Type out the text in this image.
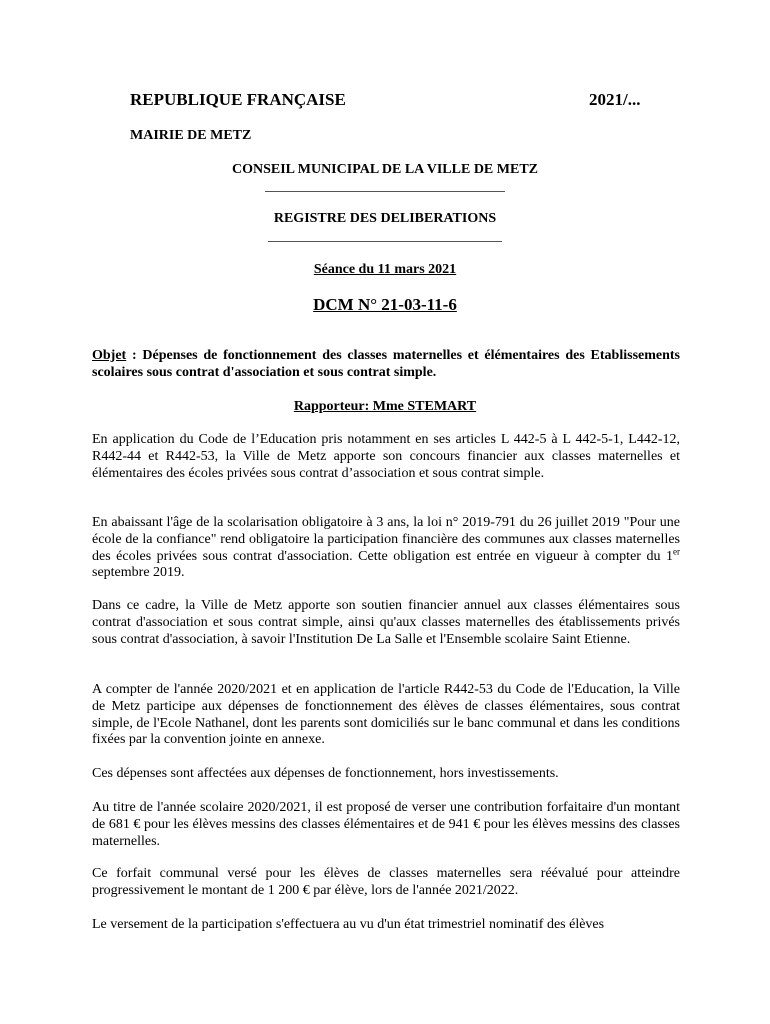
REPUBLIQUE FRANÇAISE	2021/...
MAIRIE DE METZ
CONSEIL MUNICIPAL DE LA VILLE DE METZ
REGISTRE DES DELIBERATIONS
Séance du 11 mars 2021
DCM N° 21-03-11-6
Objet : Dépenses de fonctionnement des classes maternelles et élémentaires des Etablissements scolaires sous contrat d'association et sous contrat simple.
Rapporteur: Mme STEMART
En application du Code de l’Education pris notamment en ses articles L 442-5 à L 442-5-1, L442-12, R442-44 et R442-53, la Ville de Metz apporte son concours financier aux classes maternelles et élémentaires des écoles privées sous contrat d’association et sous contrat simple.
En abaissant l'âge de la scolarisation obligatoire à 3 ans, la loi n° 2019-791 du 26 juillet 2019 "Pour une école de la confiance" rend obligatoire la participation financière des communes aux classes maternelles des écoles privées sous contrat d'association. Cette obligation est entrée en vigueur à compter du 1er septembre 2019.
Dans ce cadre, la Ville de Metz apporte son soutien financier annuel aux classes élémentaires sous contrat d'association et sous contrat simple, ainsi qu'aux classes maternelles des établissements privés sous contrat d'association, à savoir l'Institution De La Salle et l'Ensemble scolaire Saint Etienne.
A compter de l'année 2020/2021 et en application de l'article R442-53 du Code de l'Education, la Ville de Metz participe aux dépenses de fonctionnement des élèves de classes élémentaires, sous contrat simple, de l'Ecole Nathanel, dont les parents sont domiciliés sur le banc communal et dans les conditions fixées par la convention jointe en annexe.
Ces dépenses sont affectées aux dépenses de fonctionnement, hors investissements.
Au titre de l'année scolaire 2020/2021, il est proposé de verser une contribution forfaitaire d'un montant de 681 € pour les élèves messins des classes élémentaires et de 941 € pour les élèves messins des classes maternelles.
Ce forfait communal versé pour les élèves de classes maternelles sera réévalué pour atteindre progressivement le montant de 1 200 € par élève, lors de l'année 2021/2022.
Le versement de la participation s'effectuera au vu d'un état trimestriel nominatif des élèves
